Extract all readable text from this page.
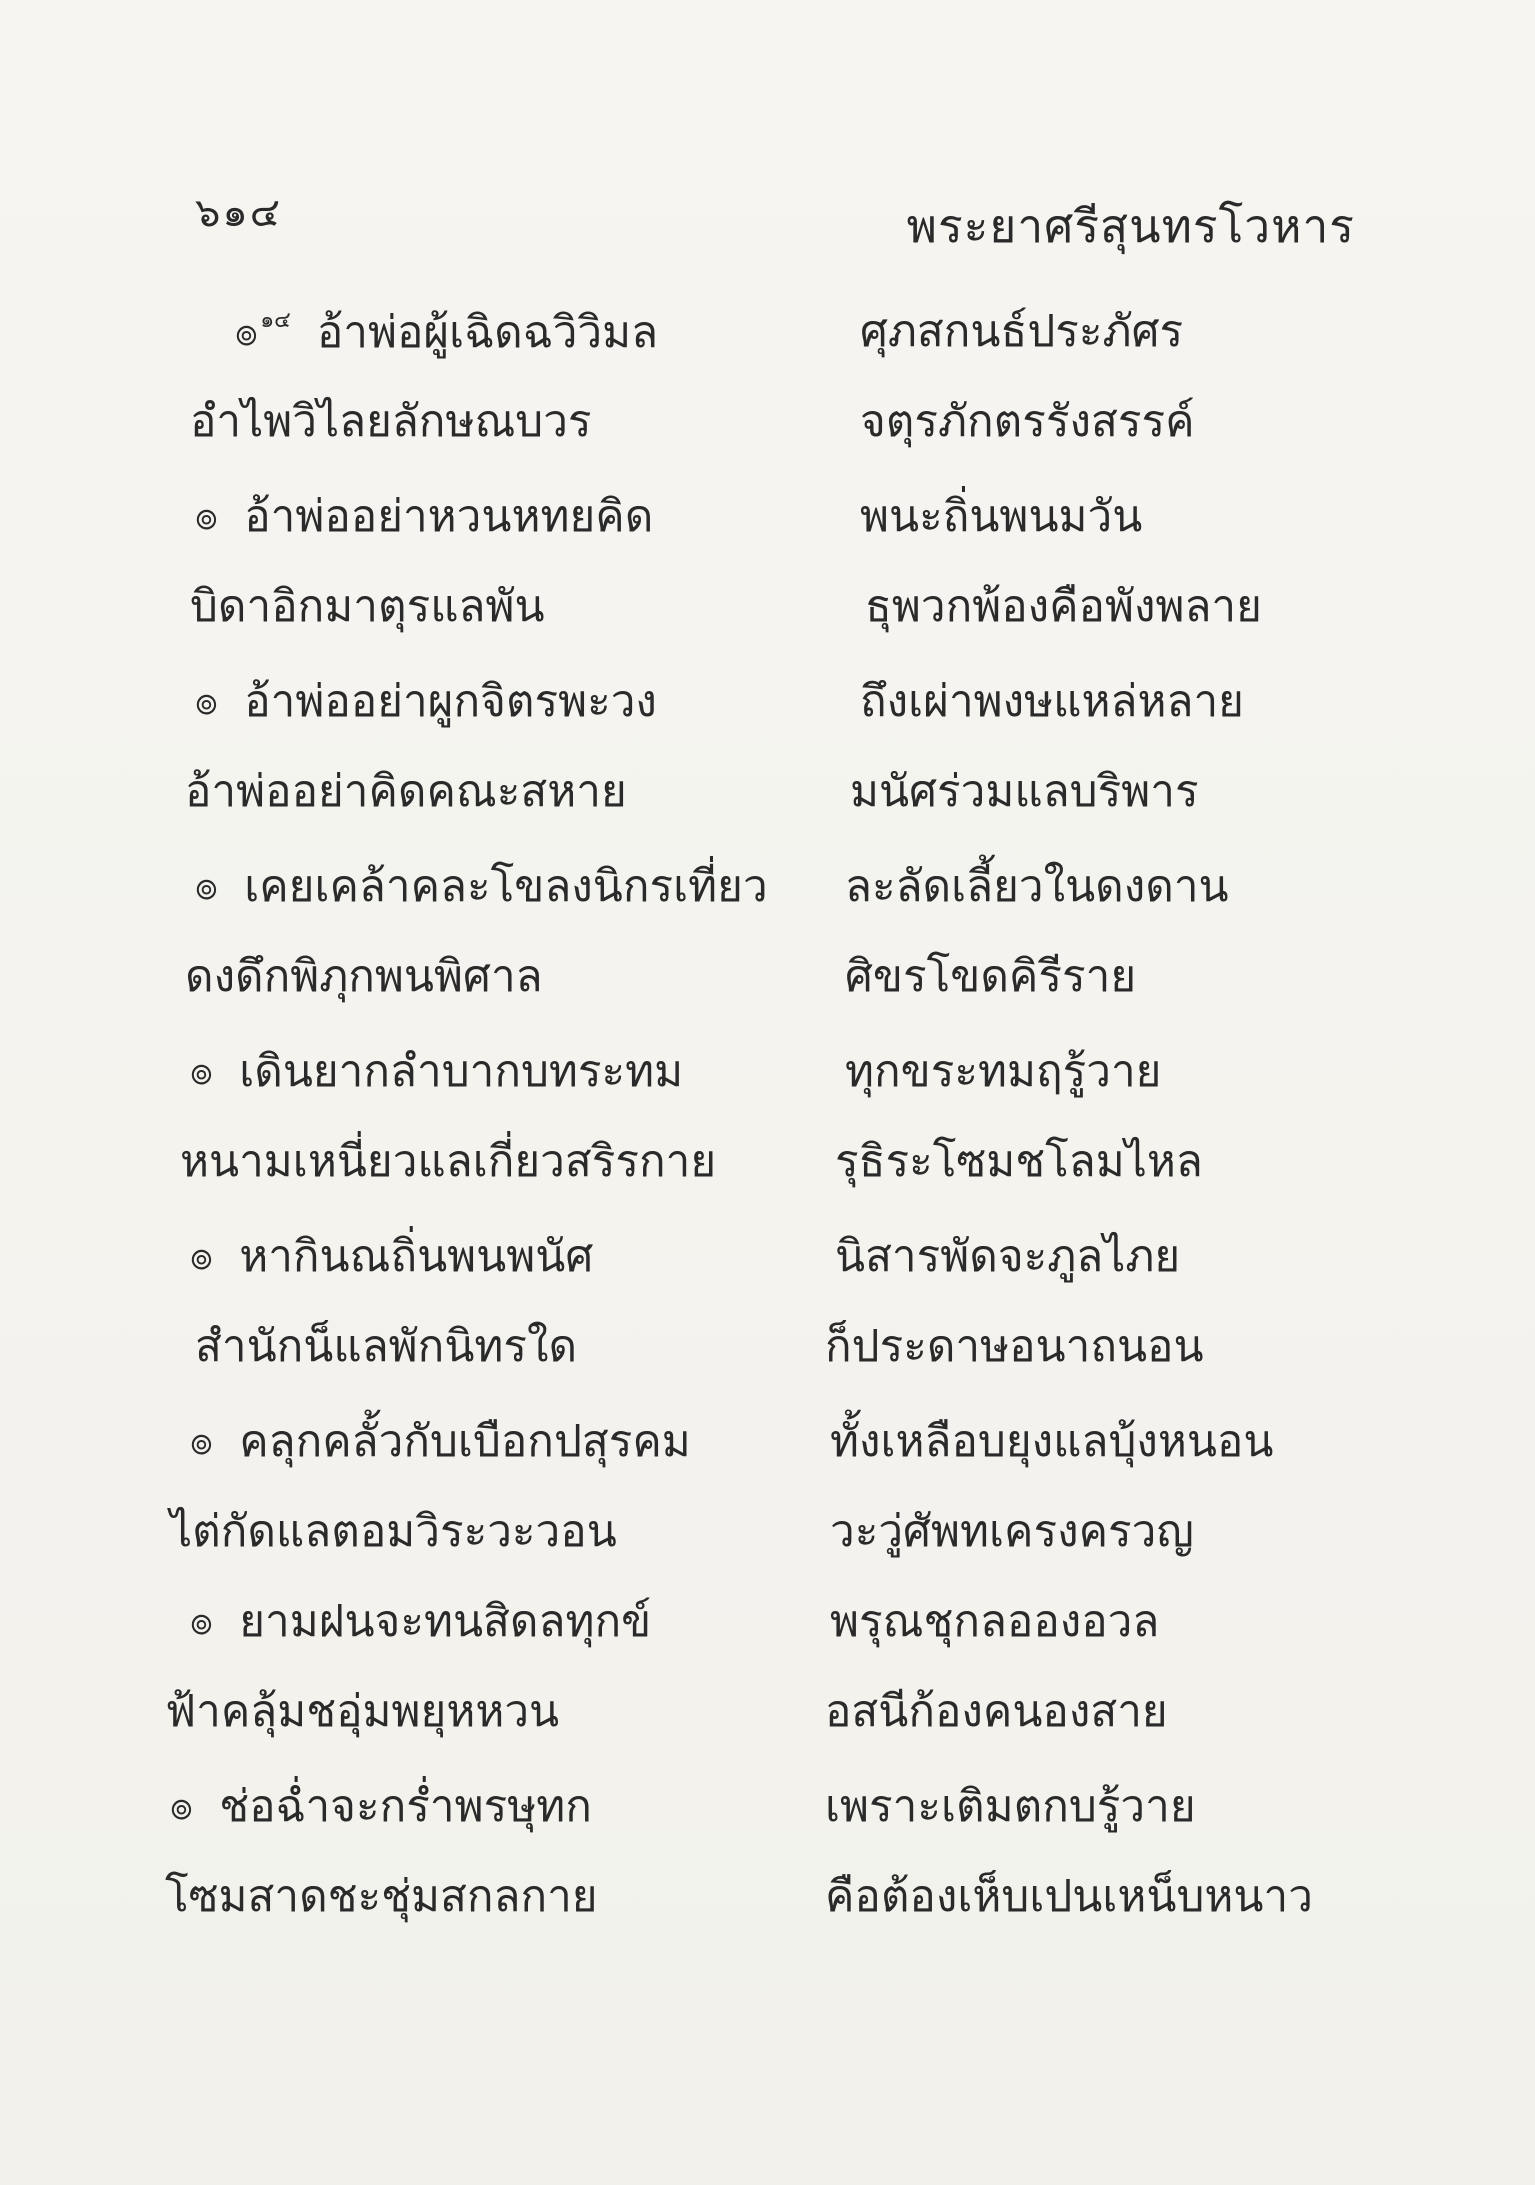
๖๑๔	พระยาศรีสุนทรโวหาร
๏$^{๑๔}$ อ้าพ่อผู้เฉิดฉวิวิมล	ศุภสกนธ์ประภัศร
อำไพวิไลยลักษณบวร	จตุรภักตรรังสรรค์
๏ อ้าพ่ออย่าหวนหทยคิด	พนะถิ่นพนมวัน
บิดาอิกมาตุรแลพัน	ธุพวกพ้องคือพังพลาย
๏ อ้าพ่ออย่าผูกจิตรพะวง	ถึงเผ่าพงษแหล่หลาย
อ้าพ่ออย่าคิดคณะสหาย	มนัศร่วมแลบริพาร
๏ เคยเคล้าคละโขลงนิกรเที่ยว ละลัดเลี้ยวในดงดาน
ดงดึกพิภุกพนพิศาล	ศิขรโขดคิรีราย
๏ เดินยากลำบากบทระทม	ทุกขระทมฤรู้วาย
หนามเหนี่ยวแลเกี่ยวสริรกาย	รุธิระโซมชโลมไหล
๏ หากินณถิ่นพนพนัศ	นิสารพัดจะภูลไภย
สำนักน็แลพักนิทรใด	ก็ประดาษอนาถนอน
๏ คลุกคลั้วกับเบือกปสุรคม	ทั้งเหลือบยุงแลบุ้งหนอน
ไต่กัดแลตอมวิระวะวอน	วะวู่ศัพทเครงครวญ
๏ ยามฝนจะทนสิดลทุกข์	พรุณชุกลอองอวล
ฟ้าคลุ้มชอุ่มพยุหหวน	อสนีก้องคนองสาย
๏ ช่อฉ่ำจะกร่ำพรษุทก	เพราะเติมตกบรู้วาย
โซมสาดชะชุ่มสกลกาย	คือต้องเห็บเปนเหน็บหนาว
